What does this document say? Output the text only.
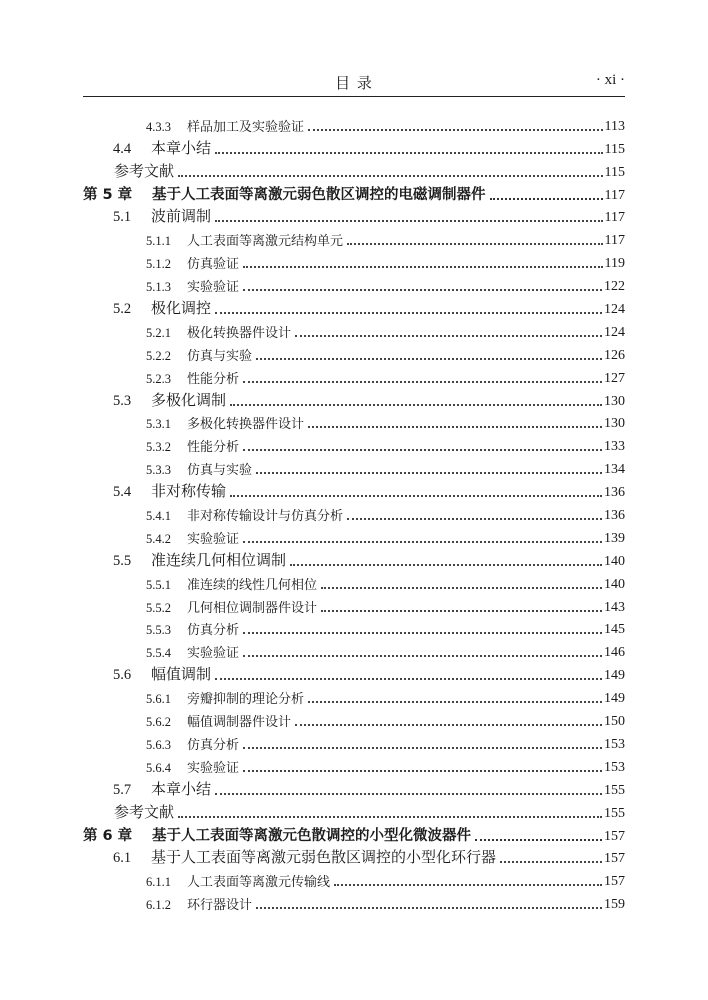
目 录	· xi ·
4.3.3	样品加工及实验验证	113
4.4	本章小结	115
参考文献	115
第 5 章	基于人工表面等离激元弱色散区调控的电磁调制器件	117
5.1	波前调制	117
5.1.1	人工表面等离激元结构单元	117
5.1.2	仿真验证	119
5.1.3	实验验证	122
5.2	极化调控	124
5.2.1	极化转换器件设计	124
5.2.2	仿真与实验	126
5.2.3	性能分析	127
5.3	多极化调制	130
5.3.1	多极化转换器件设计	130
5.3.2	性能分析	133
5.3.3	仿真与实验	134
5.4	非对称传输	136
5.4.1	非对称传输设计与仿真分析	136
5.4.2	实验验证	139
5.5	准连续几何相位调制	140
5.5.1	准连续的线性几何相位	140
5.5.2	几何相位调制器件设计	143
5.5.3	仿真分析	145
5.5.4	实验验证	146
5.6	幅值调制	149
5.6.1	旁瓣抑制的理论分析	149
5.6.2	幅值调制器件设计	150
5.6.3	仿真分析	153
5.6.4	实验验证	153
5.7	本章小结	155
参考文献	155
第 6 章	基于人工表面等离激元色散调控的小型化微波器件	157
6.1	基于人工表面等离激元弱色散区调控的小型化环行器	157
6.1.1	人工表面等离激元传输线	157
6.1.2	环行器设计	159
